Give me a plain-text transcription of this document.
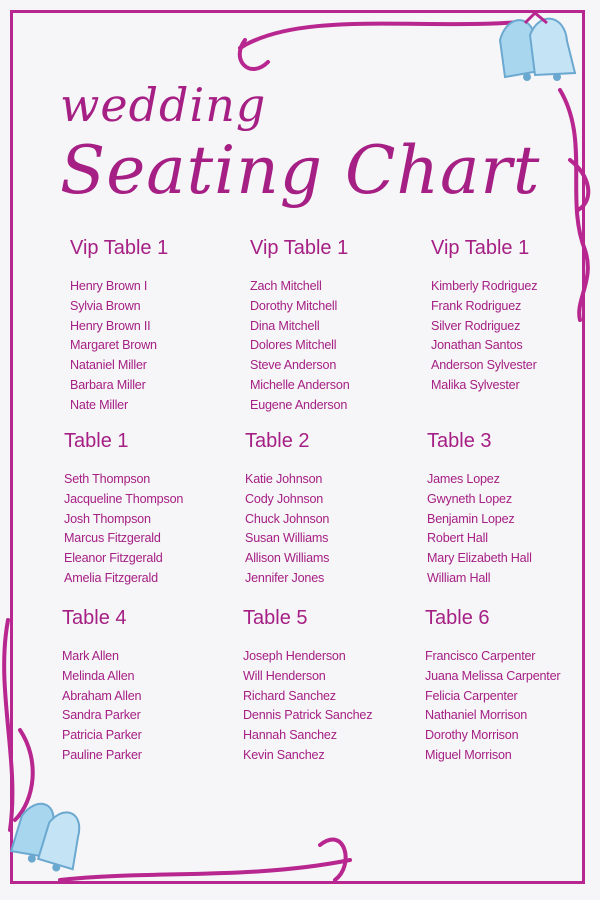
wedding
Seating Chart
Vip Table 1
Henry Brown I
Sylvia Brown
Henry Brown II
Margaret Brown
Nataniel Miller
Barbara Miller
Nate Miller
Vip Table 1
Zach Mitchell
Dorothy Mitchell
Dina Mitchell
Dolores Mitchell
Steve Anderson
Michelle Anderson
Eugene Anderson
Vip Table 1
Kimberly Rodriguez
Frank Rodriguez
Silver Rodriguez
Jonathan Santos
Anderson Sylvester
Malika Sylvester
Table 1
Seth Thompson
Jacqueline Thompson
Josh Thompson
Marcus Fitzgerald
Eleanor Fitzgerald
Amelia Fitzgerald
Table 2
Katie Johnson
Cody Johnson
Chuck Johnson
Susan Williams
Allison Williams
Jennifer Jones
Table 3
James Lopez
Gwyneth Lopez
Benjamin Lopez
Robert Hall
Mary Elizabeth Hall
William Hall
Table 4
Mark Allen
Melinda Allen
Abraham Allen
Sandra Parker
Patricia Parker
Pauline Parker
Table 5
Joseph Henderson
Will Henderson
Richard Sanchez
Dennis Patrick Sanchez
Hannah Sanchez
Kevin Sanchez
Table 6
Francisco Carpenter
Juana Melissa Carpenter
Felicia Carpenter
Nathaniel Morrison
Dorothy Morrison
Miguel Morrison
